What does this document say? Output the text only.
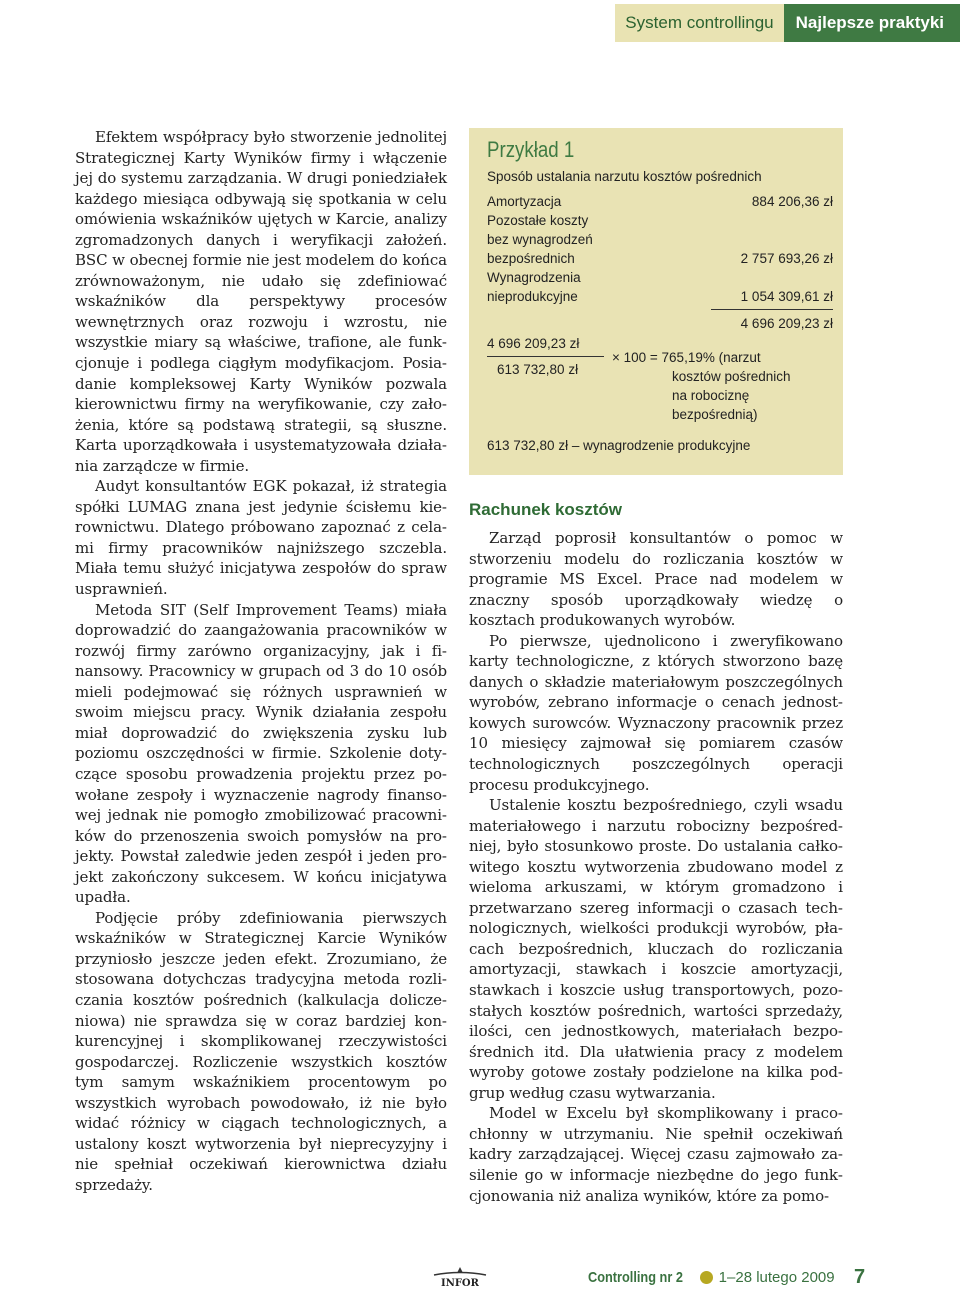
System controllingu	Najlepsze praktyki

Efektem współpracy było stworzenie jednolitej Strategicznej Karty Wyników firmy i włączenie jej do systemu zarządzania. W drugi poniedziałek każdego miesiąca odbywają się spotkania w celu omówienia wskaźników ujętych w Karcie, analizy zgromadzonych danych i weryfikacji założeń. BSC w obecnej formie nie jest modelem do końca zrównoważonym, nie udało się zdefiniować wskaźników dla perspektywy procesów wewnętrznych oraz rozwoju i wzrostu, nie wszystkie miary są właściwe, trafione, ale funkcjonuje i podlega ciągłym modyfikacjom. Posiadanie kompleksowej Karty Wyników pozwala kierownictwu firmy na weryfikowanie, czy założenia, które są podstawą strategii, są słuszne. Karta uporządkowała i usystematyzowała działania zarządcze w firmie.

Audyt konsultantów EGK pokazał, iż strategia spółki LUMAG znana jest jedynie ścisłemu kierownictwu. Dlatego próbowano zapoznać z celami firmy pracowników najniższego szczebla. Miała temu służyć inicjatywa zespołów do spraw usprawnień.

Metoda SIT (Self Improvement Teams) miała doprowadzić do zaangażowania pracowników w rozwój firmy zarówno organizacyjny, jak i finansowy. Pracownicy w grupach od 3 do 10 osób mieli podejmować się różnych usprawnień w swoim miejscu pracy. Wynik działania zespołu miał doprowadzić do zwiększenia zysku lub poziomu oszczędności w firmie. Szkolenie dotyczące sposobu prowadzenia projektu przez powołane zespoły i wyznaczenie nagrody finansowej jednak nie pomogło zmobilizować pracowników do przenoszenia swoich pomysłów na projekty. Powstał zaledwie jeden zespół i jeden projekt zakończony sukcesem. W końcu inicjatywa upadła.

Podjęcie próby zdefiniowania pierwszych wskaźników w Strategicznej Karcie Wyników przyniosło jeszcze jeden efekt. Zrozumiano, że stosowana dotychczas tradycyjna metoda rozliczania kosztów pośrednich (kalkulacja doliczeniowa) nie sprawdza się w coraz bardziej konkurencyjnej i skomplikowanej rzeczywistości gospodarczej. Rozliczenie wszystkich kosztów tym samym wskaźnikiem procentowym po wszystkich wyrobach powodowało, iż nie było widać różnicy w ciągach technologicznych, a ustalony koszt wytworzenia był nieprecyzyjny i nie spełniał oczekiwań kierownictwa działu sprzedaży.

Przykład 1
Sposób ustalania narzutu kosztów pośrednich
Amortyzacja	884 206,36 zł
Pozostałe koszty
bez wynagrodzeń
bezpośrednich	2 757 693,26 zł
Wynagrodzenia
nieprodukcyjne	1 054 309,61 zł
4 696 209,23 zł
4 696 209,23 zł
613 732,80 zł
× 100 = 765,19% (narzut
kosztów pośrednich
na robociznę
bezpośrednią)
613 732,80 zł – wynagrodzenie produkcyjne
Rachunek kosztów

Zarząd poprosił konsultantów o pomoc w stworzeniu modelu do rozliczania kosztów w programie MS Excel. Prace nad modelem w znaczny sposób uporządkowały wiedzę o kosztach produkowanych wyrobów.

Po pierwsze, ujednolicono i zweryfikowano karty technologiczne, z których stworzono bazę danych o składzie materiałowym poszczególnych wyrobów, zebrano informacje o cenach jednostkowych surowców. Wyznaczony pracownik przez 10 miesięcy zajmował się pomiarem czasów technologicznych poszczególnych operacji procesu produkcyjnego.

Ustalenie kosztu bezpośredniego, czyli wsadu materiałowego i narzutu robocizny bezpośredniej, było stosunkowo proste. Do ustalania całkowitego kosztu wytworzenia zbudowano model z wieloma arkuszami, w którym gromadzono i przetwarzano szereg informacji o czasach technologicznych, wielkości produkcji wyrobów, płacach bezpośrednich, kluczach do rozliczania amortyzacji, stawkach i koszcie amortyzacji, stawkach i koszcie usług transportowych, pozostałych kosztów pośrednich, wartości sprzedaży, ilości, cen jednostkowych, materiałach bezpośrednich itd. Dla ułatwienia pracy z modelem wyroby gotowe zostały podzielone na kilka podgrup według czasu wytwarzania.

Model w Excelu był skomplikowany i pracochłonny w utrzymaniu. Nie spełnił oczekiwań kadry zarządzającej. Więcej czasu zajmowało zasilenie go w informacje niezbędne do jego funkcjonowania niż analiza wyników, które za pomo-

INFOR	Controlling nr 2 1–28 lutego 2009 7
